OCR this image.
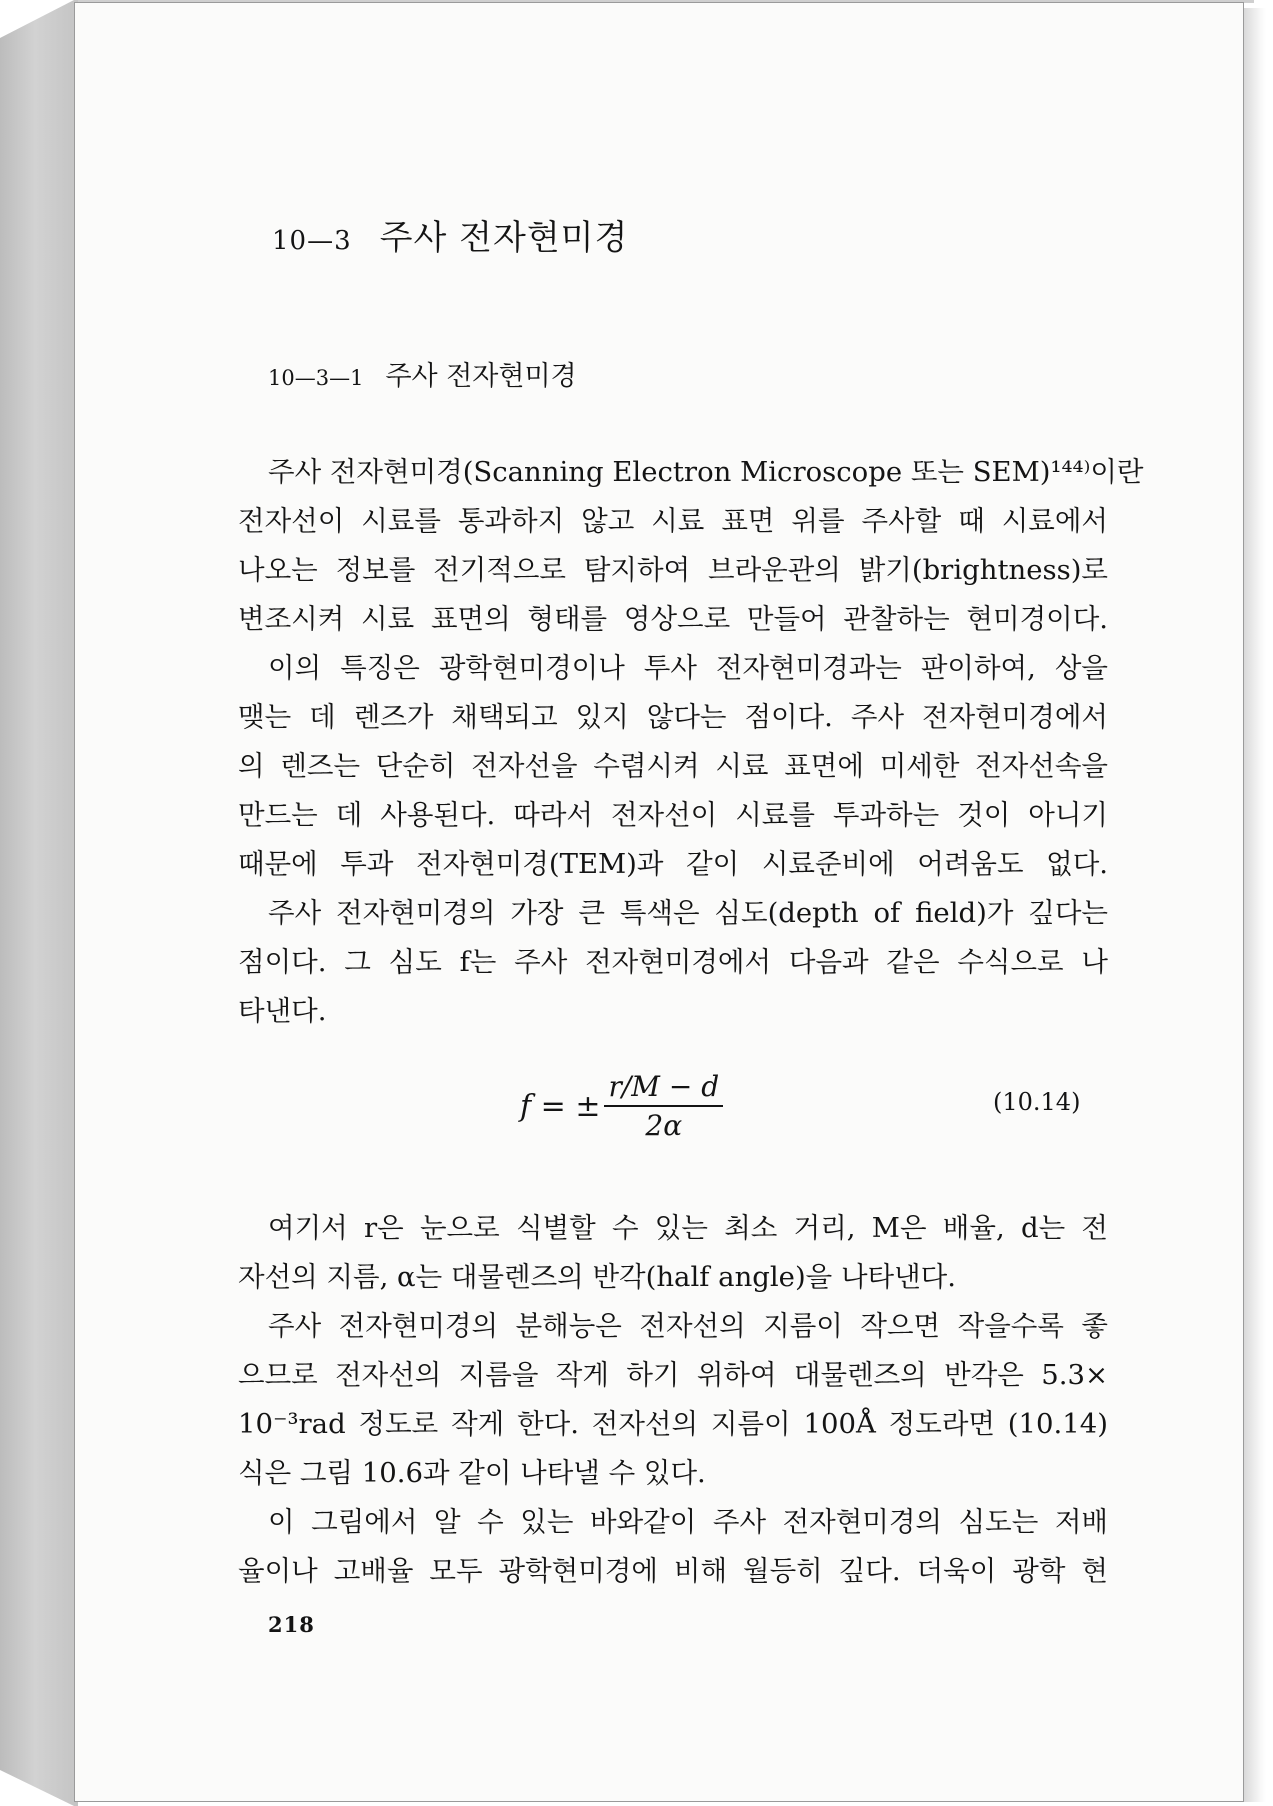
10—3 주사 전자현미경
10—3—1 주사 전자현미경
주사 전자현미경(Scanning Electron Microscope 또는 SEM)¹⁴⁴⁾이란
전자선이 시료를 통과하지 않고 시료 표면 위를 주사할 때 시료에서
나오는 정보를 전기적으로 탐지하여 브라운관의 밝기(brightness)로
변조시켜 시료 표면의 형태를 영상으로 만들어 관찰하는 현미경이다.
이의 특징은 광학현미경이나 투사 전자현미경과는 판이하여, 상을
맺는 데 렌즈가 채택되고 있지 않다는 점이다. 주사 전자현미경에서
의 렌즈는 단순히 전자선을 수렴시켜 시료 표면에 미세한 전자선속을
만드는 데 사용된다. 따라서 전자선이 시료를 투과하는 것이 아니기
때문에 투과 전자현미경(TEM)과 같이 시료준비에 어려움도 없다.
주사 전자현미경의 가장 큰 특색은 심도(depth of field)가 깊다는
점이다. 그 심도 f는 주사 전자현미경에서 다음과 같은 수식으로 나
타낸다.
f = ± $\frac{r/M - d}{2\alpha}$	(10.14)
여기서 r은 눈으로 식별할 수 있는 최소 거리, M은 배율, d는 전
자선의 지름, α는 대물렌즈의 반각(half angle)을 나타낸다.
주사 전자현미경의 분해능은 전자선의 지름이 작으면 작을수록 좋
으므로 전자선의 지름을 작게 하기 위하여 대물렌즈의 반각은 5.3×
10⁻³rad 정도로 작게 한다. 전자선의 지름이 100Å 정도라면 (10.14)
식은 그림 10.6과 같이 나타낼 수 있다.
이 그림에서 알 수 있는 바와같이 주사 전자현미경의 심도는 저배
율이나 고배율 모두 광학현미경에 비해 월등히 깊다. 더욱이 광학 현
218
